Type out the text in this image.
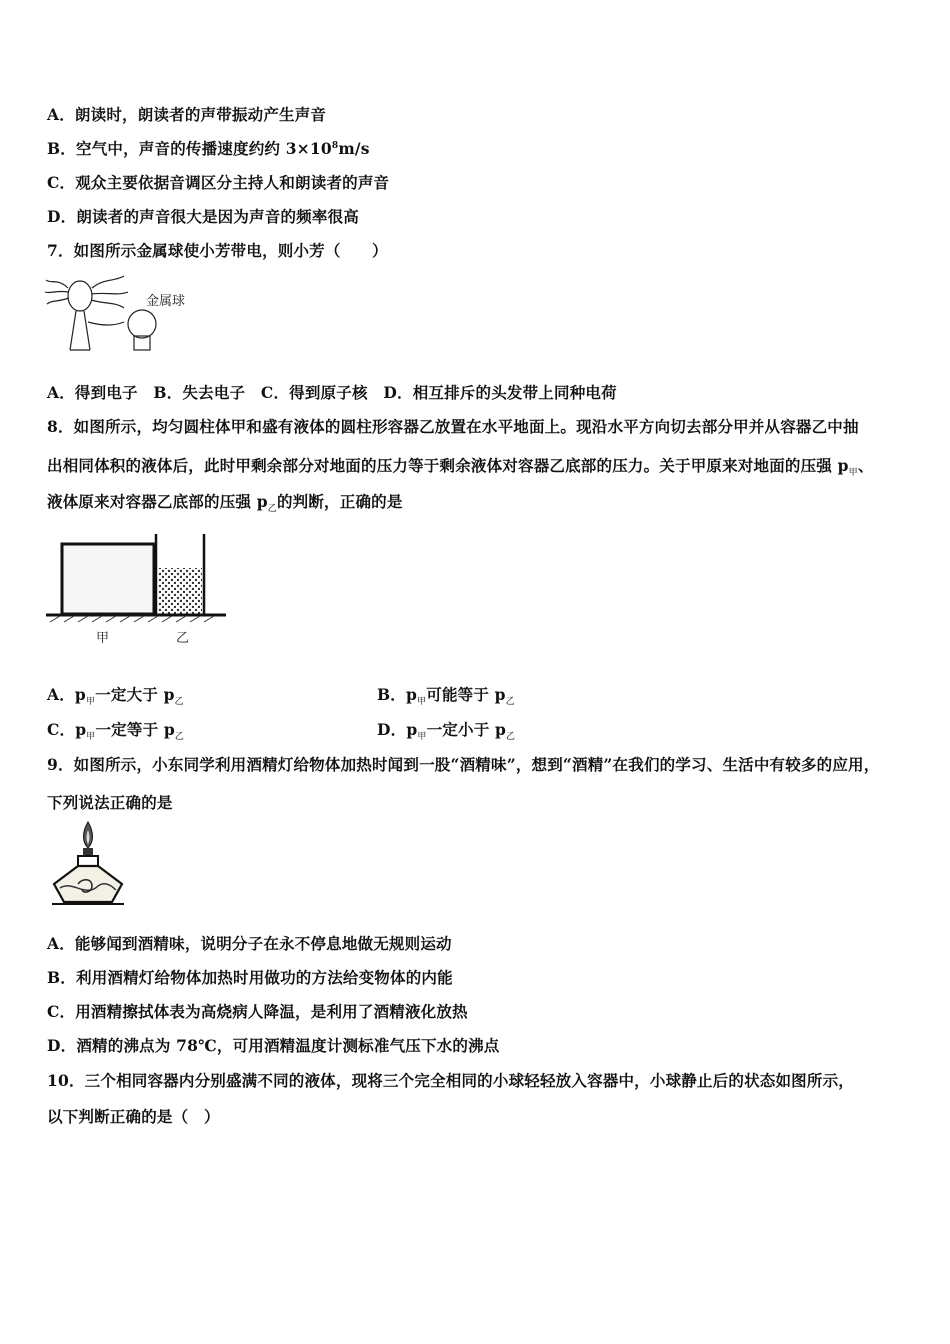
A．朗读时，朗读者的声带振动产生声音
B．空气中，声音的传播速度约约 $3\times 10^8m/s$
C．观众主要依据音调区分主持人和朗读者的声音
D．朗读者的声音很大是因为声音的频率很高
7．如图所示金属球使小芳带电，则小芳（　　）
金属球
A．得到电子　B．失去电子　C．得到原子核　D．相互排斥的头发带上同种电荷
8．如图所示，均匀圆柱体甲和盛有液体的圆柱形容器乙放置在水平地面上。现沿水平方向切去部分甲并从容器乙中抽
出相同体积的液体后，此时甲剩余部分对地面的压力等于剩余液体对容器乙底部的压力。关于甲原来对地面的压强 $p_甲$、
液体原来对容器乙底部的压强 $p_乙$的判断，正确的是
甲	乙
A．$p_甲$一定大于 $p_乙$	B．$p_甲$可能等于 $p_乙$
C．$p_甲$一定等于 $p_乙$	D．$p_甲$一定小于 $p_乙$
9．如图所示，小东同学利用酒精灯给物体加热时闻到一股“酒精味”，想到“酒精”在我们的学习、生活中有较多的应用，
下列说法正确的是
A．能够闻到酒精味，说明分子在永不停息地做无规则运动
B．利用酒精灯给物体加热时用做功的方法给变物体的内能
C．用酒精擦拭体表为高烧病人降温，是利用了酒精液化放热
D．酒精的沸点为 78℃，可用酒精温度计测标准气压下水的沸点
10．三个相同容器内分别盛满不同的液体，现将三个完全相同的小球轻轻放入容器中，小球静止后的状态如图所示，
以下判断正确的是（　）
